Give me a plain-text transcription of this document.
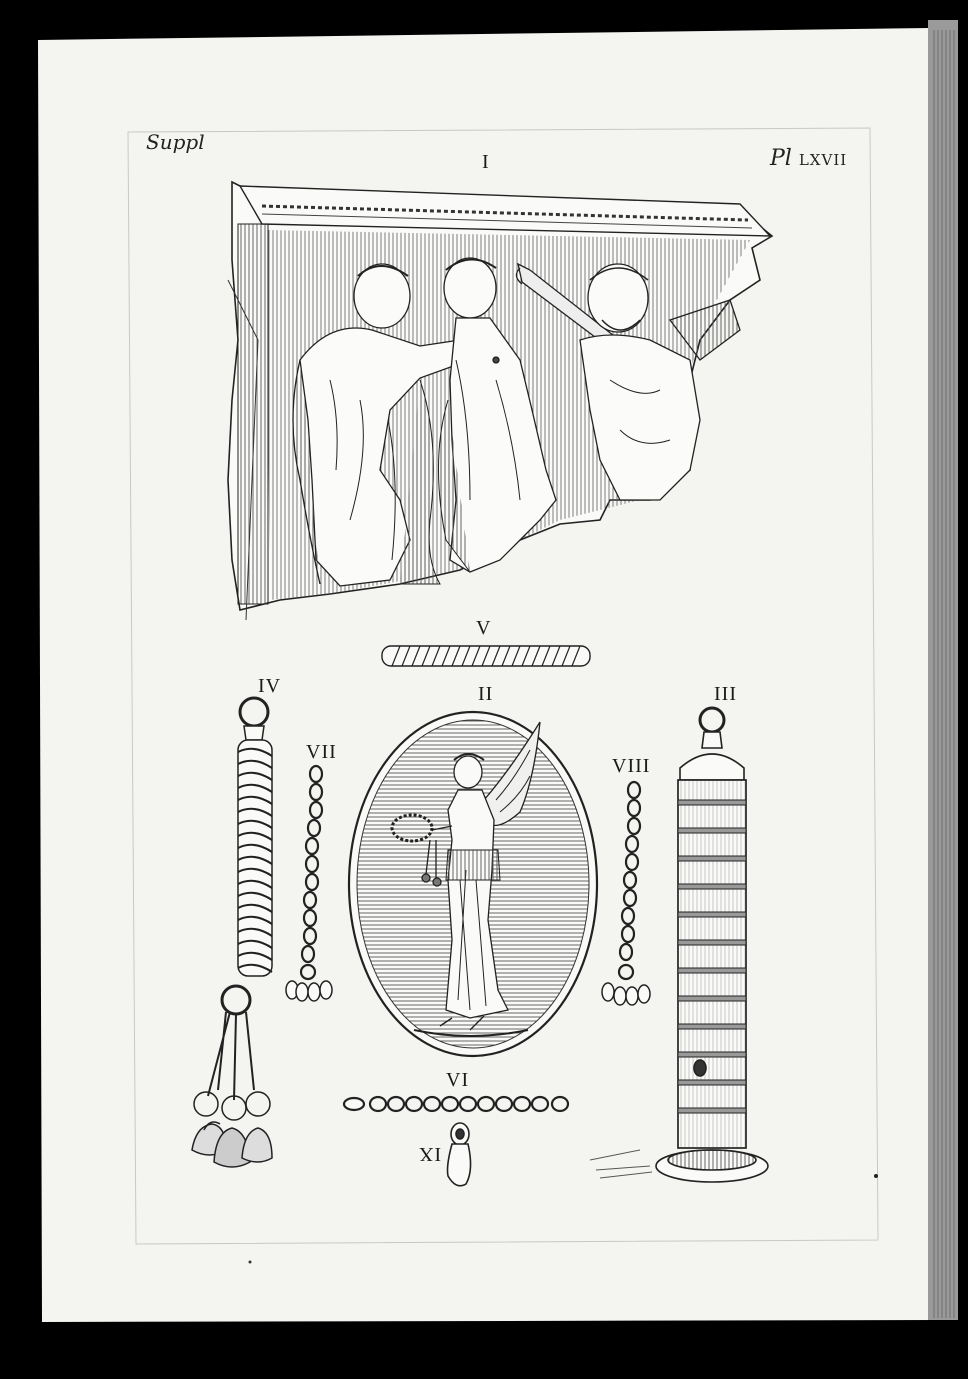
Suppl
Pl LXVII
I
V
IV	II	III
VII
VIII
VI
IX
